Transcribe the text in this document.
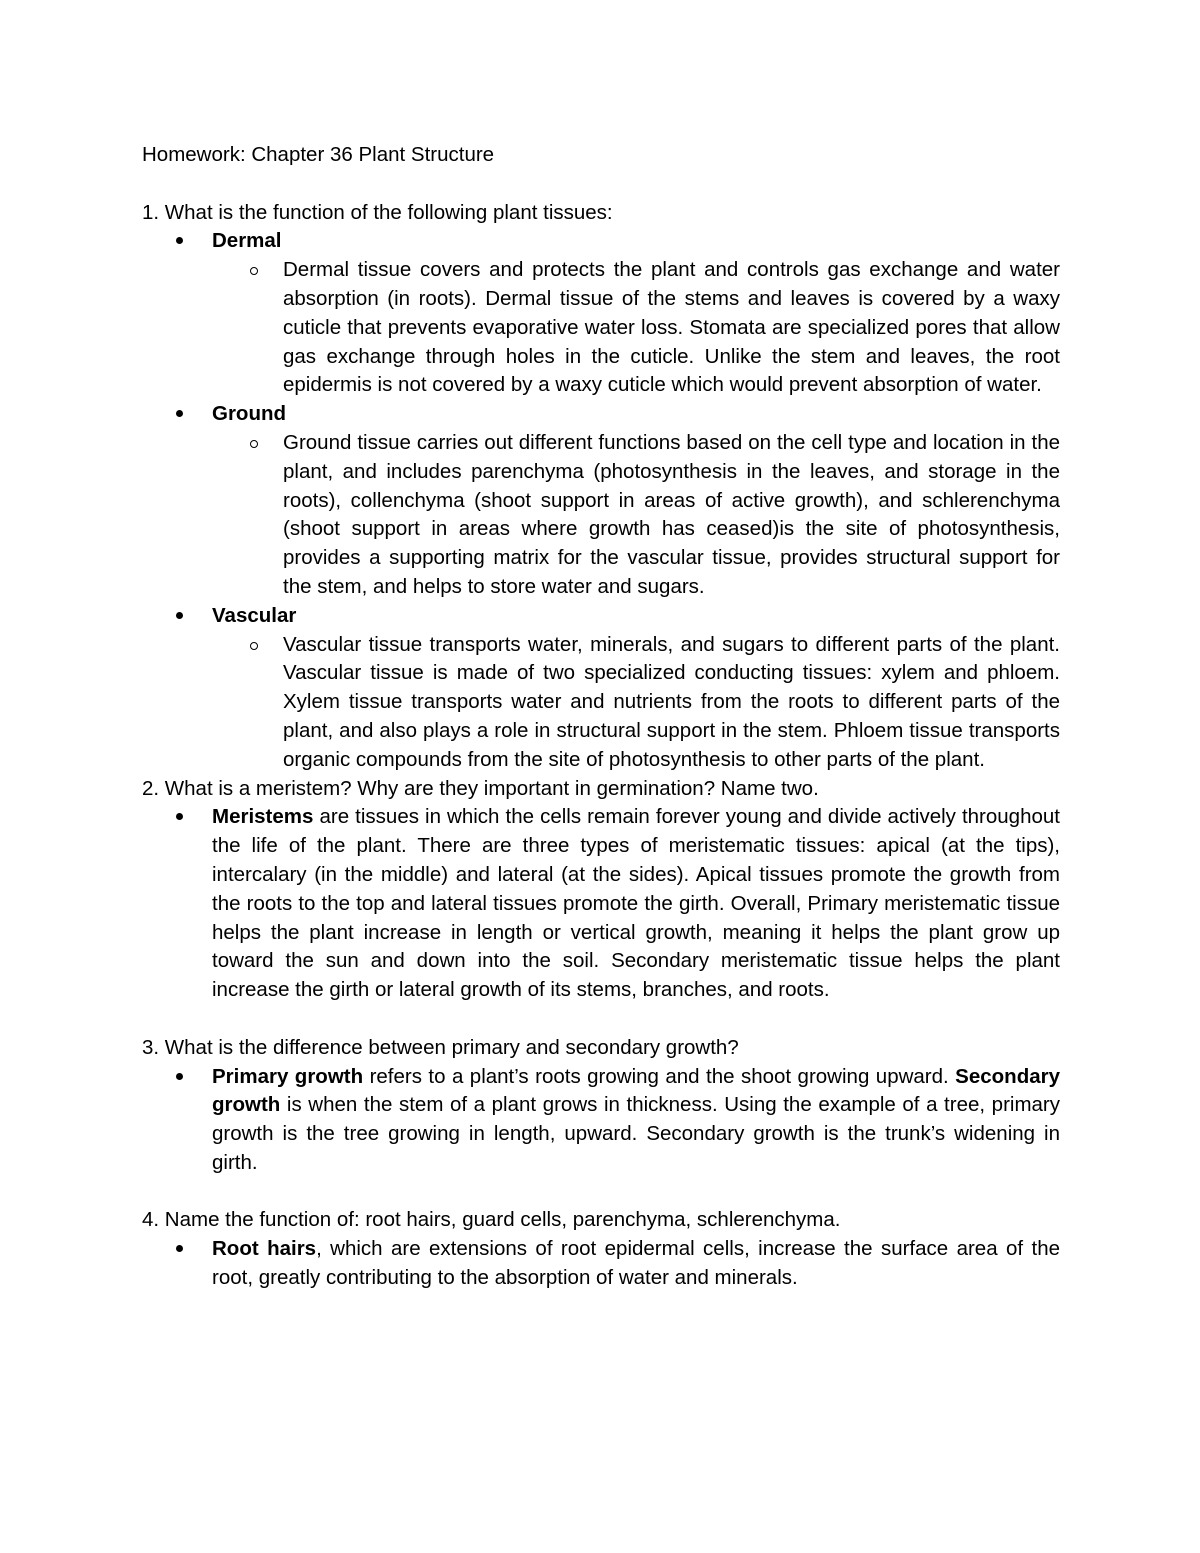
Homework: Chapter 36 Plant Structure

1. What is the function of the following plant tissues:

Dermal
Dermal tissue covers and protects the plant and controls gas exchange and water absorption (in roots). Dermal tissue of the stems and leaves is covered by a waxy cuticle that prevents evaporative water loss. Stomata are specialized pores that allow gas exchange through holes in the cuticle. Unlike the stem and leaves, the root epidermis is not covered by a waxy cuticle which would prevent absorption of water.
Ground
Ground tissue carries out different functions based on the cell type and location in the plant, and includes parenchyma (photosynthesis in the leaves, and storage in the roots), collenchyma (shoot support in areas of active growth), and schlerenchyma (shoot support in areas where growth has ceased)is the site of photosynthesis, provides a supporting matrix for the vascular tissue, provides structural support for the stem, and helps to store water and sugars.
Vascular
Vascular tissue transports water, minerals, and sugars to different parts of the plant. Vascular tissue is made of two specialized conducting tissues: xylem and phloem. Xylem tissue transports water and nutrients from the roots to different parts of the plant, and also plays a role in structural support in the stem. Phloem tissue transports organic compounds from the site of photosynthesis to other parts of the plant.

2. What is a meristem? Why are they important in germination? Name two.

Meristems are tissues in which the cells remain forever young and divide actively throughout the life of the plant. There are three types of meristematic tissues: apical (at the tips), intercalary (in the middle) and lateral (at the sides). Apical tissues promote the growth from the roots to the top and lateral tissues promote the girth. Overall, Primary meristematic tissue helps the plant increase in length or vertical growth, meaning it helps the plant grow up toward the sun and down into the soil. Secondary meristematic tissue helps the plant increase the girth or lateral growth of its stems, branches, and roots.

3. What is the difference between primary and secondary growth?

Primary growth refers to a plant’s roots growing and the shoot growing upward. Secondary growth is when the stem of a plant grows in thickness. Using the example of a tree, primary growth is the tree growing in length, upward. Secondary growth is the trunk’s widening in girth.

4. Name the function of: root hairs, guard cells, parenchyma, schlerenchyma.

Root hairs, which are extensions of root epidermal cells, increase the surface area of the root, greatly contributing to the absorption of water and minerals.
